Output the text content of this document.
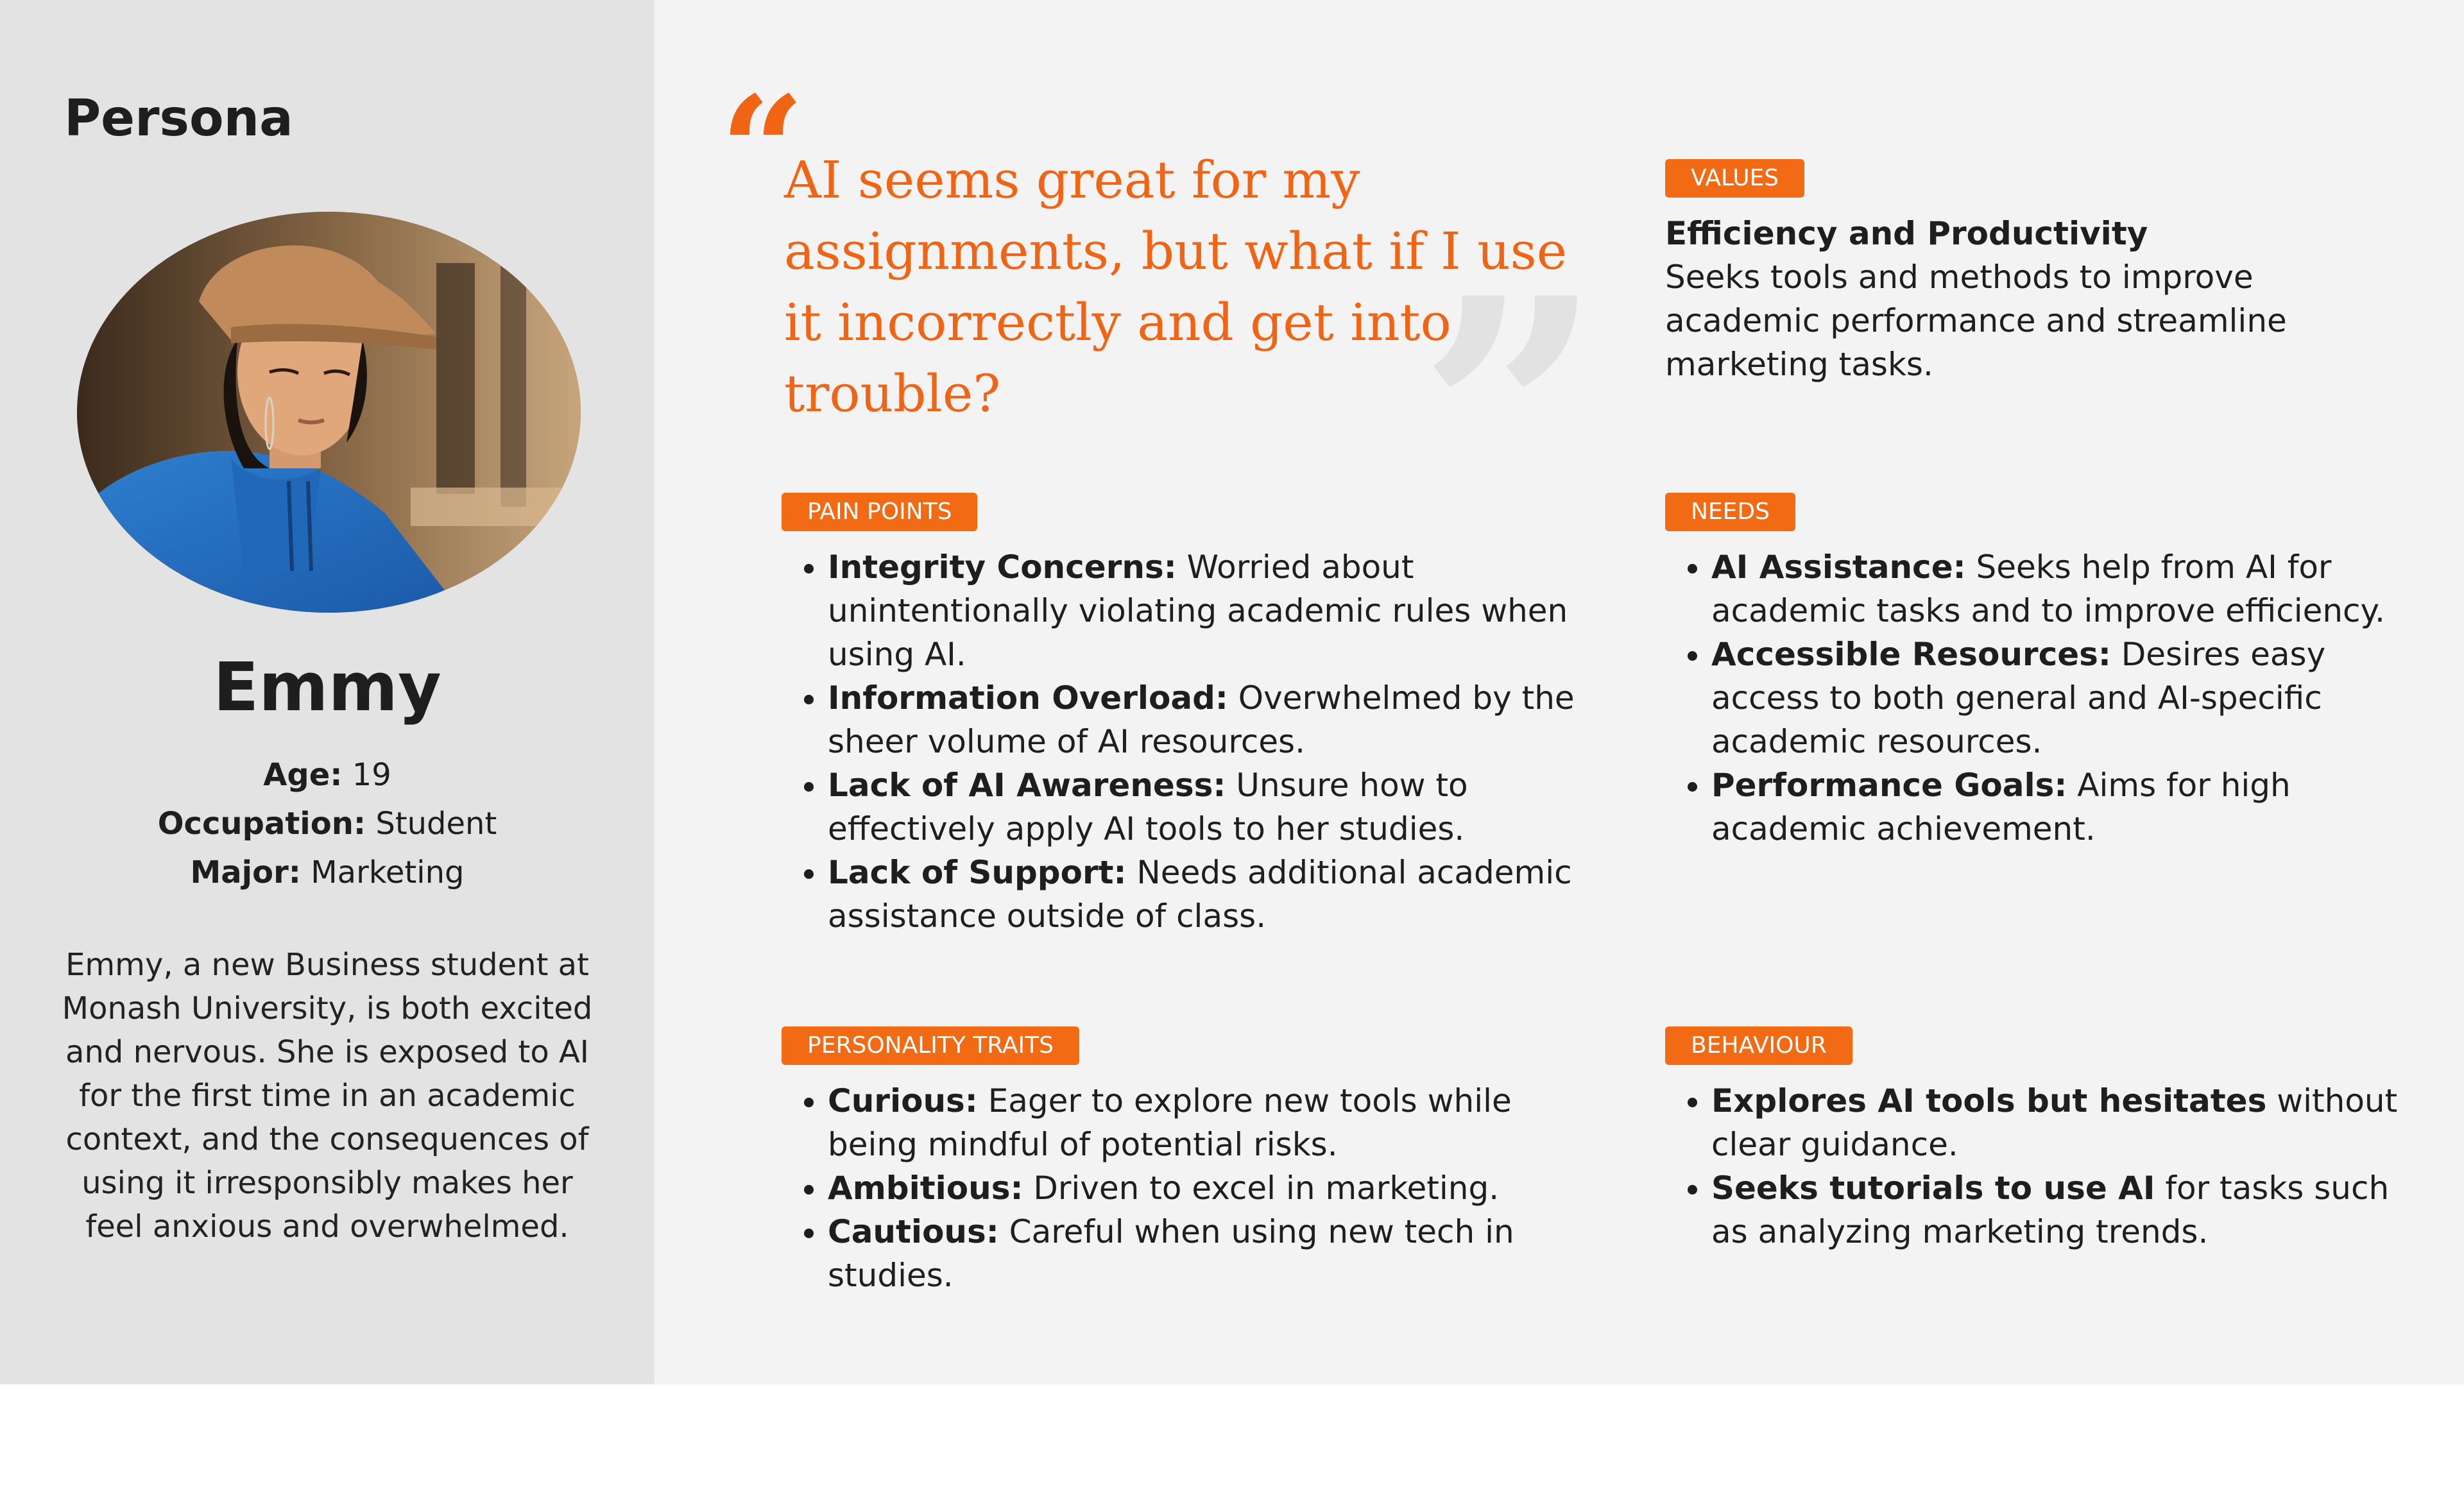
Persona
Emmy
Age: 19
Occupation: Student
Major: Marketing
Emmy, a new Business student at Monash University, is both excited and nervous. She is exposed to AI for the first time in an academic context, and the consequences of using it irresponsibly makes her feel anxious and overwhelmed.
”
“
AI seems great for my assignments, but what if I use it incorrectly and get into trouble?
VALUES
Efficiency and Productivity
Seeks tools and methods to improve academic performance and streamline marketing tasks.
PAIN POINTS
• Integrity Concerns: Worried about unintentionally violating academic rules when using AI.
• Information Overload: Overwhelmed by the sheer volume of AI resources.
• Lack of AI Awareness: Unsure how to effectively apply AI tools to her studies.
• Lack of Support: Needs additional academic assistance outside of class.
NEEDS
• AI Assistance: Seeks help from AI for academic tasks and to improve efficiency.
• Accessible Resources: Desires easy access to both general and AI-specific academic resources.
• Performance Goals: Aims for high academic achievement.
PERSONALITY TRAITS
• Curious: Eager to explore new tools while being mindful of potential risks.
• Ambitious: Driven to excel in marketing.
• Cautious: Careful when using new tech in studies.
BEHAVIOUR
• Explores AI tools but hesitates without clear guidance.
• Seeks tutorials to use AI for tasks such as analyzing marketing trends.
